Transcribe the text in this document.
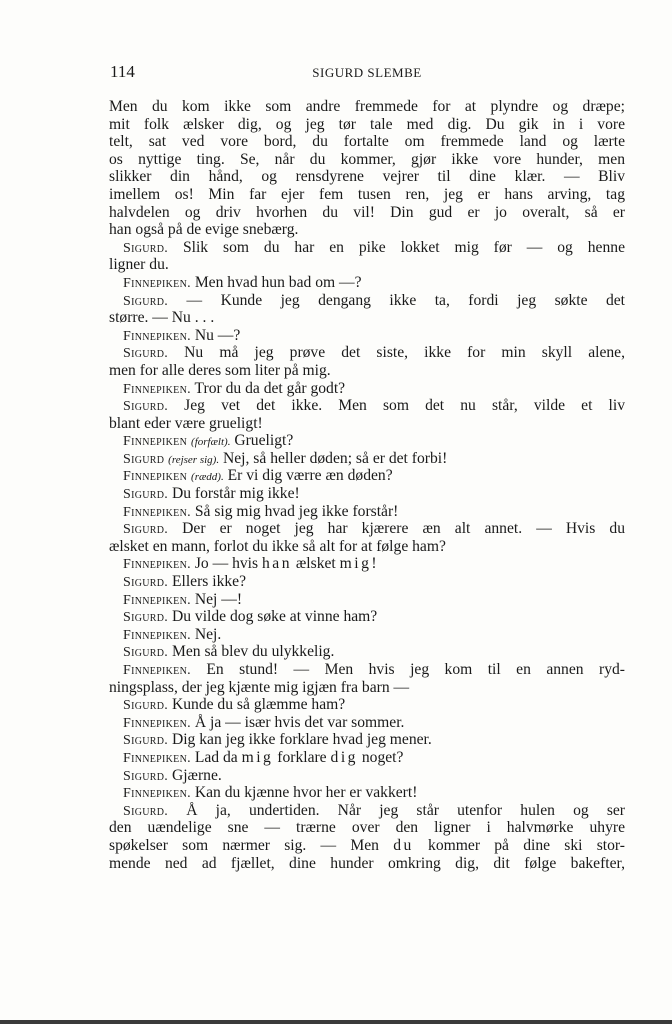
114	SIGURD SLEMBE
Men du kom ikke som andre fremmede for at plyndre og dræpe;
mit folk ælsker dig, og jeg tør tale med dig. Du gik in i vore
telt, sat ved vore bord, du fortalte om fremmede land og lærte
os nyttige ting. Se, når du kommer, gjør ikke vore hunder, men
slikker din hånd, og rensdyrene vejrer til dine klær. — Bliv
imellem os! Min far ejer fem tusen ren, jeg er hans arving, tag
halvdelen og driv hvorhen du vil! Din gud er jo overalt, så er
han også på de evige snebærg.
Sigurd. Slik som du har en pike lokket mig før — og henne
ligner du.
Finnepiken. Men hvad hun bad om —?
Sigurd. — Kunde jeg dengang ikke ta, fordi jeg søkte det
større. — Nu . . .
Finnepiken. Nu —?
Sigurd. Nu må jeg prøve det siste, ikke for min skyll alene,
men for alle deres som liter på mig.
Finnepiken. Tror du da det går godt?
Sigurd. Jeg vet det ikke. Men som det nu står, vilde et liv
blant eder være grueligt!
Finnepiken (forfælt). Grueligt?
Sigurd (rejser sig). Nej, så heller døden; så er det forbi!
Finnepiken (rædd). Er vi dig værre æn døden?
Sigurd. Du forstår mig ikke!
Finnepiken. Så sig mig hvad jeg ikke forstår!
Sigurd. Der er noget jeg har kjærere æn alt annet. — Hvis du
ælsket en mann, forlot du ikke så alt for at følge ham?
Finnepiken. Jo — hvis han ælsket mig!
Sigurd. Ellers ikke?
Finnepiken. Nej —!
Sigurd. Du vilde dog søke at vinne ham?
Finnepiken. Nej.
Sigurd. Men så blev du ulykkelig.
Finnepiken. En stund! — Men hvis jeg kom til en annen ryd-
ningsplass, der jeg kjænte mig igjæn fra barn —
Sigurd. Kunde du så glæmme ham?
Finnepiken. Å ja — især hvis det var sommer.
Sigurd. Dig kan jeg ikke forklare hvad jeg mener.
Finnepiken. Lad da mig forklare dig noget?
Sigurd. Gjærne.
Finnepiken. Kan du kjænne hvor her er vakkert!
Sigurd. Å ja, undertiden. Når jeg står utenfor hulen og ser
den uændelige sne — trærne over den ligner i halvmørke uhyre
spøkelser som nærmer sig. — Men du kommer på dine ski stor-
mende ned ad fjællet, dine hunder omkring dig, dit følge bakefter,
